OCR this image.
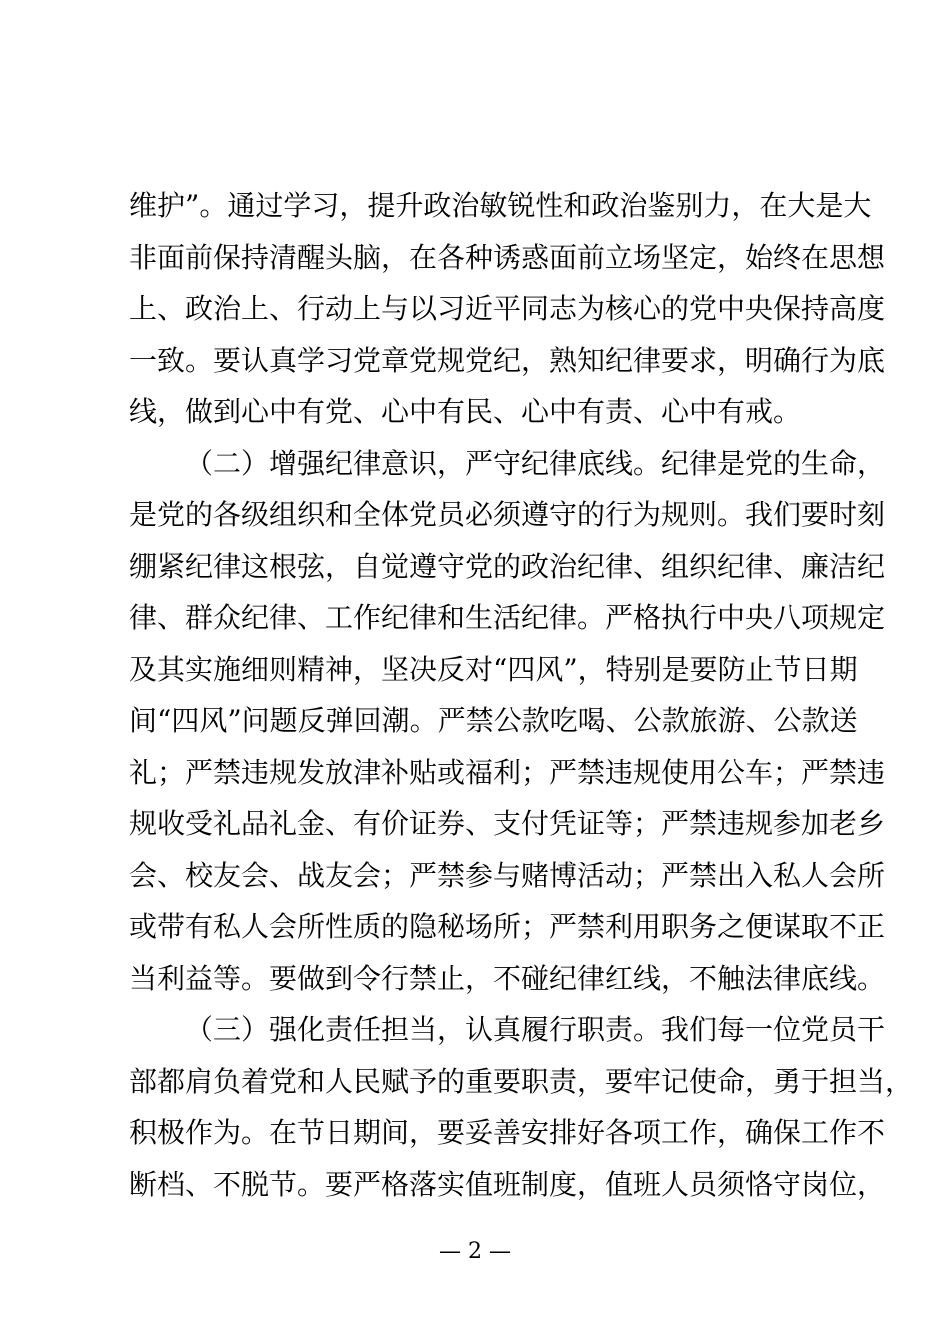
维护”。通过学习，提升政治敏锐性和政治鉴别力，在大是大
非面前保持清醒头脑，在各种诱惑面前立场坚定，始终在思想
上、政治上、行动上与以习近平同志为核心的党中央保持高度
一致。要认真学习党章党规党纪，熟知纪律要求，明确行为底
线，做到心中有党、心中有民、心中有责、心中有戒。
（二）增强纪律意识，严守纪律底线。纪律是党的生命，
是党的各级组织和全体党员必须遵守的行为规则。我们要时刻
绷紧纪律这根弦，自觉遵守党的政治纪律、组织纪律、廉洁纪
律、群众纪律、工作纪律和生活纪律。严格执行中央八项规定
及其实施细则精神，坚决反对“四风”，特别是要防止节日期
间“四风”问题反弹回潮。严禁公款吃喝、公款旅游、公款送
礼；严禁违规发放津补贴或福利；严禁违规使用公车；严禁违
规收受礼品礼金、有价证券、支付凭证等；严禁违规参加老乡
会、校友会、战友会；严禁参与赌博活动；严禁出入私人会所
或带有私人会所性质的隐秘场所；严禁利用职务之便谋取不正
当利益等。要做到令行禁止，不碰纪律红线，不触法律底线。
（三）强化责任担当，认真履行职责。我们每一位党员干
部都肩负着党和人民赋予的重要职责，要牢记使命，勇于担当，
积极作为。在节日期间，要妥善安排好各项工作，确保工作不
断档、不脱节。要严格落实值班制度，值班人员须恪守岗位，
— 2 —
